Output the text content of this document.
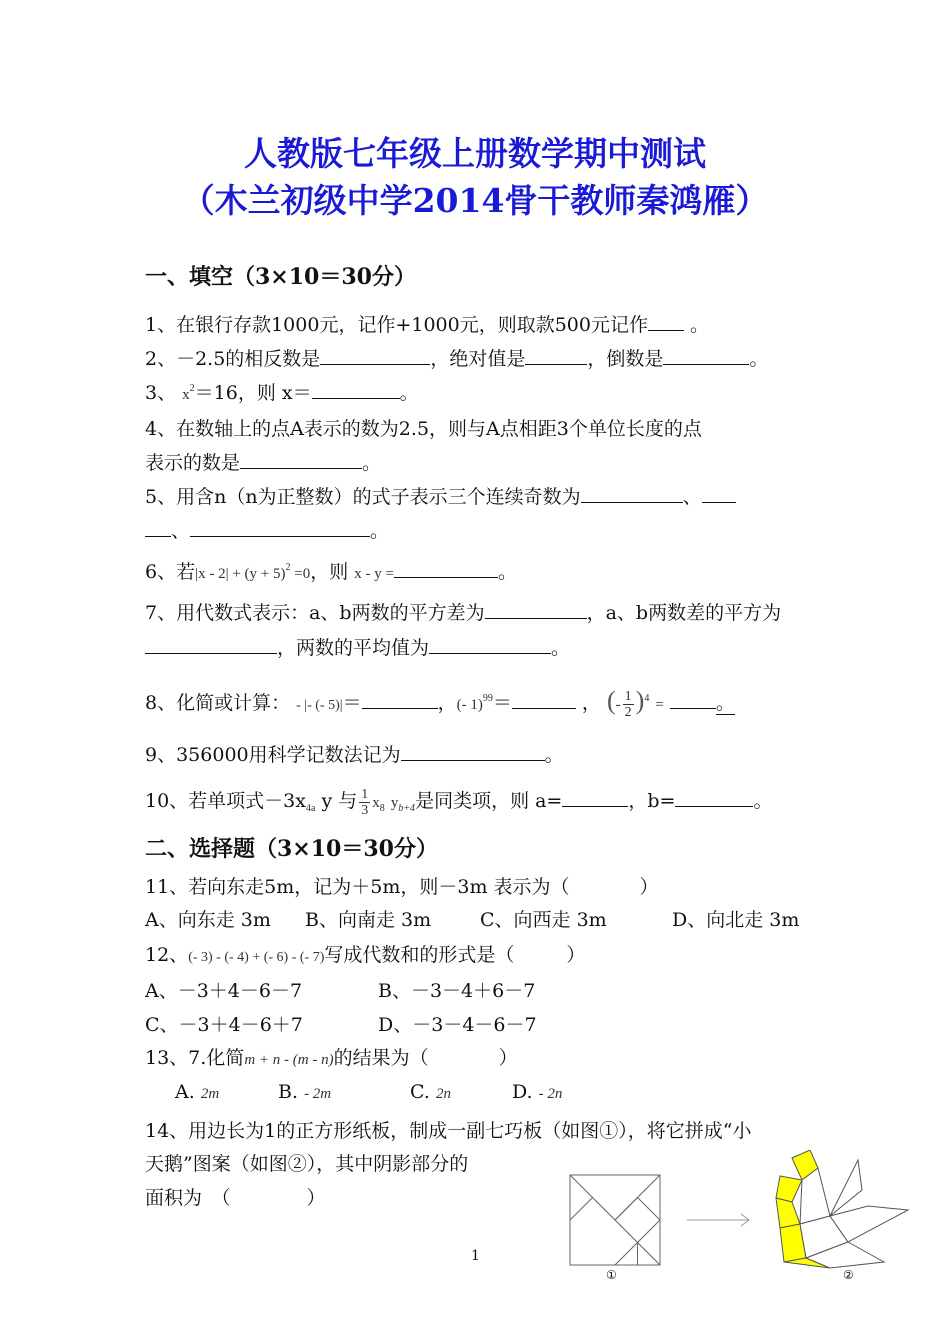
人教版七年级上册数学期中测试
（木兰初级中学2014骨干教师秦鸿雁）
一、填空（3×10＝30分）
1、在银行存款1000元，记作+1000元，则取款500元记作 。
2、－2.5的相反数是	，绝对值是	，倒数是	。
3、 $x^2=16$，则 x＝	。
4、在数轴上的点A表示的数为2.5，则与A点相距3个单位长度的点
表示的数是	。
5、用含n（n为正整数）的式子表示三个连续奇数为	、
、	。
6、若$|x - 2| + (y + 5)^2 =0$，则 x - y =	。
7、用代数式表示：a、b两数的平方差为	，a、b两数差的平方为
，两数的平均值为	。
8、化简或计算： - |- (- 5)|＝	，(- 1)$^{99}$＝	， (- $\frac{1}{2} )^4$ =	。
9、356000用科学记数法记为	。
10、若单项式$-3x_{4a}$ y 与 $\frac{1}{3} x_8$ $y_{b+4}$是同类项，则 a=	，b=	。
二、选择题（3×10＝30分）
11、若向东走5m，记为＋5m，则－3m 表示为（	）
A、向东走 3m B、向南走 3m	C、向西走 3m	D、向北走 3m
12、(- 3) - (- 4) + (- 6) - (- 7)写成代数和的形式是（	）
A、－3＋4－6－7	B、－3－4＋6－7
C、－3＋4－6＋7	D、－3－4－6－7
13、7.化简m + n - (m - n)的结果为（	）
A. 2m	B. - 2m	C. 2n	D. - 2n
14、用边长为1的正方形纸板，制成一副七巧板（如图①），将它拼成“小
天鹅”图案（如图②），其中阴影部分的
面积为　（　　　　）
①	②
1
